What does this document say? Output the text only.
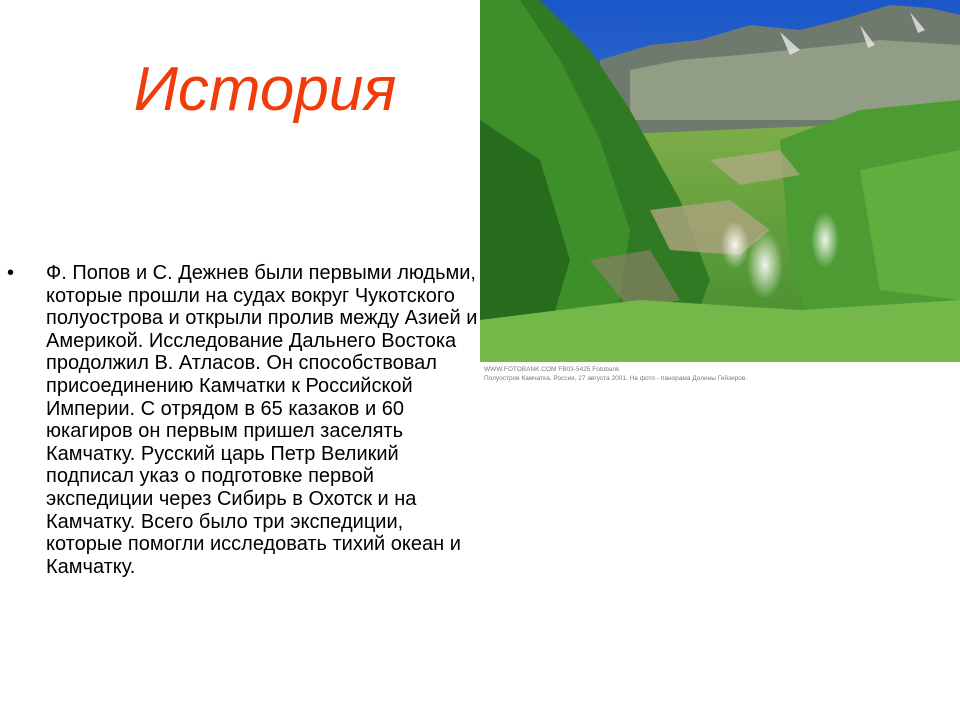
История
• Ф. Попов и С. Дежнев были первыми людьми, которые прошли на судах вокруг Чукотского полуострова и открыли пролив между Азией и Америкой. Исследование Дальнего Востока продолжил В. Атласов. Он способствовал присоединению Камчатки к Российской Империи. С отрядом в 65 казаков и 60 юкагиров он первым пришел заселять Камчатку. Русский царь Петр Великий подписал указ о подготовке первой экспедиции через Сибирь в Охотск и на Камчатку. Всего было три экспедиции, которые помогли исследовать тихий океан и Камчатку.
WWW.FOTOBANK.COM FB03-5425 Fotobank
Полуостров Камчатка, Россия, 27 августа 2001. На фото - панорама Долины Гейзеров.
